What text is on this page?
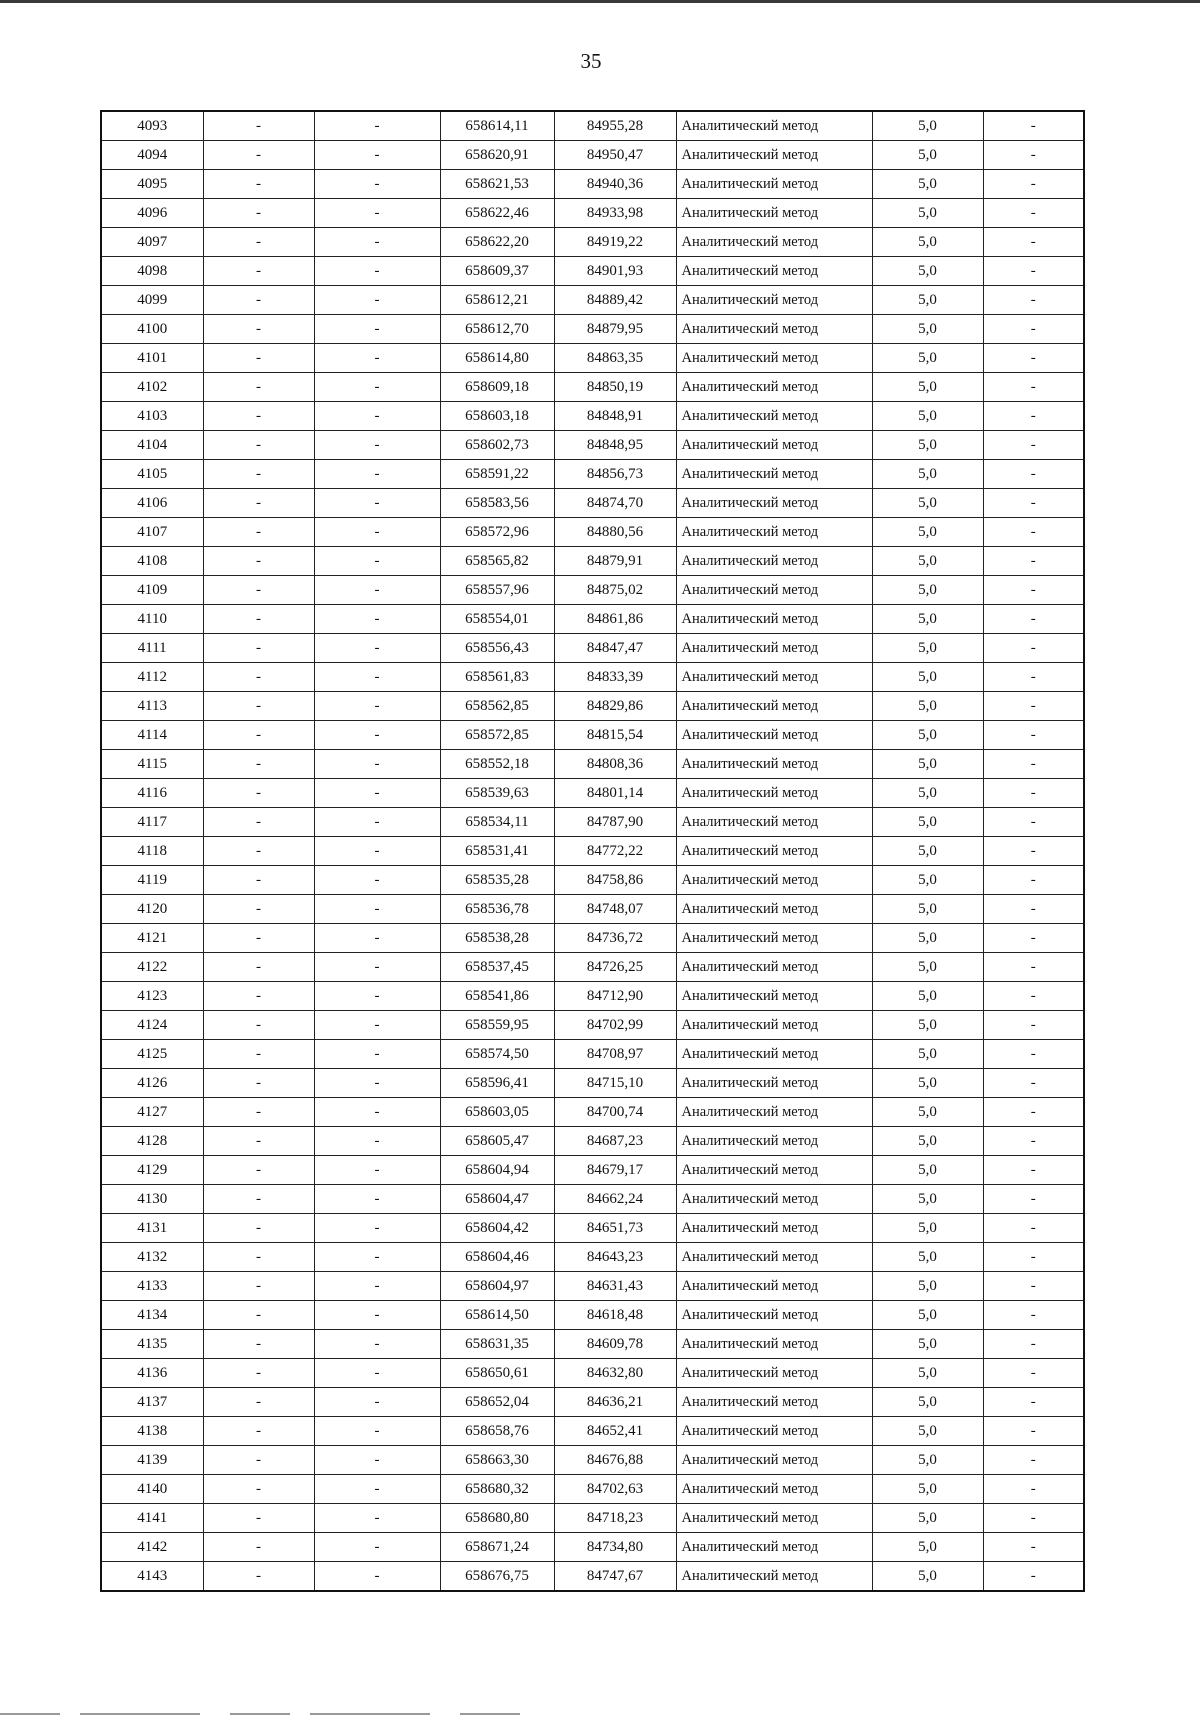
35
4093	-	-	658614,11	84955,28	Аналитический метод	5,0	-
4094	-	-	658620,91	84950,47	Аналитический метод	5,0	-
4095	-	-	658621,53	84940,36	Аналитический метод	5,0	-
4096	-	-	658622,46	84933,98	Аналитический метод	5,0	-
4097	-	-	658622,20	84919,22	Аналитический метод	5,0	-
4098	-	-	658609,37	84901,93	Аналитический метод	5,0	-
4099	-	-	658612,21	84889,42	Аналитический метод	5,0	-
4100	-	-	658612,70	84879,95	Аналитический метод	5,0	-
4101	-	-	658614,80	84863,35	Аналитический метод	5,0	-
4102	-	-	658609,18	84850,19	Аналитический метод	5,0	-
4103	-	-	658603,18	84848,91	Аналитический метод	5,0	-
4104	-	-	658602,73	84848,95	Аналитический метод	5,0	-
4105	-	-	658591,22	84856,73	Аналитический метод	5,0	-
4106	-	-	658583,56	84874,70	Аналитический метод	5,0	-
4107	-	-	658572,96	84880,56	Аналитический метод	5,0	-
4108	-	-	658565,82	84879,91	Аналитический метод	5,0	-
4109	-	-	658557,96	84875,02	Аналитический метод	5,0	-
4110	-	-	658554,01	84861,86	Аналитический метод	5,0	-
4111	-	-	658556,43	84847,47	Аналитический метод	5,0	-
4112	-	-	658561,83	84833,39	Аналитический метод	5,0	-
4113	-	-	658562,85	84829,86	Аналитический метод	5,0	-
4114	-	-	658572,85	84815,54	Аналитический метод	5,0	-
4115	-	-	658552,18	84808,36	Аналитический метод	5,0	-
4116	-	-	658539,63	84801,14	Аналитический метод	5,0	-
4117	-	-	658534,11	84787,90	Аналитический метод	5,0	-
4118	-	-	658531,41	84772,22	Аналитический метод	5,0	-
4119	-	-	658535,28	84758,86	Аналитический метод	5,0	-
4120	-	-	658536,78	84748,07	Аналитический метод	5,0	-
4121	-	-	658538,28	84736,72	Аналитический метод	5,0	-
4122	-	-	658537,45	84726,25	Аналитический метод	5,0	-
4123	-	-	658541,86	84712,90	Аналитический метод	5,0	-
4124	-	-	658559,95	84702,99	Аналитический метод	5,0	-
4125	-	-	658574,50	84708,97	Аналитический метод	5,0	-
4126	-	-	658596,41	84715,10	Аналитический метод	5,0	-
4127	-	-	658603,05	84700,74	Аналитический метод	5,0	-
4128	-	-	658605,47	84687,23	Аналитический метод	5,0	-
4129	-	-	658604,94	84679,17	Аналитический метод	5,0	-
4130	-	-	658604,47	84662,24	Аналитический метод	5,0	-
4131	-	-	658604,42	84651,73	Аналитический метод	5,0	-
4132	-	-	658604,46	84643,23	Аналитический метод	5,0	-
4133	-	-	658604,97	84631,43	Аналитический метод	5,0	-
4134	-	-	658614,50	84618,48	Аналитический метод	5,0	-
4135	-	-	658631,35	84609,78	Аналитический метод	5,0	-
4136	-	-	658650,61	84632,80	Аналитический метод	5,0	-
4137	-	-	658652,04	84636,21	Аналитический метод	5,0	-
4138	-	-	658658,76	84652,41	Аналитический метод	5,0	-
4139	-	-	658663,30	84676,88	Аналитический метод	5,0	-
4140	-	-	658680,32	84702,63	Аналитический метод	5,0	-
4141	-	-	658680,80	84718,23	Аналитический метод	5,0	-
4142	-	-	658671,24	84734,80	Аналитический метод	5,0	-
4143	-	-	658676,75	84747,67	Аналитический метод	5,0	-
